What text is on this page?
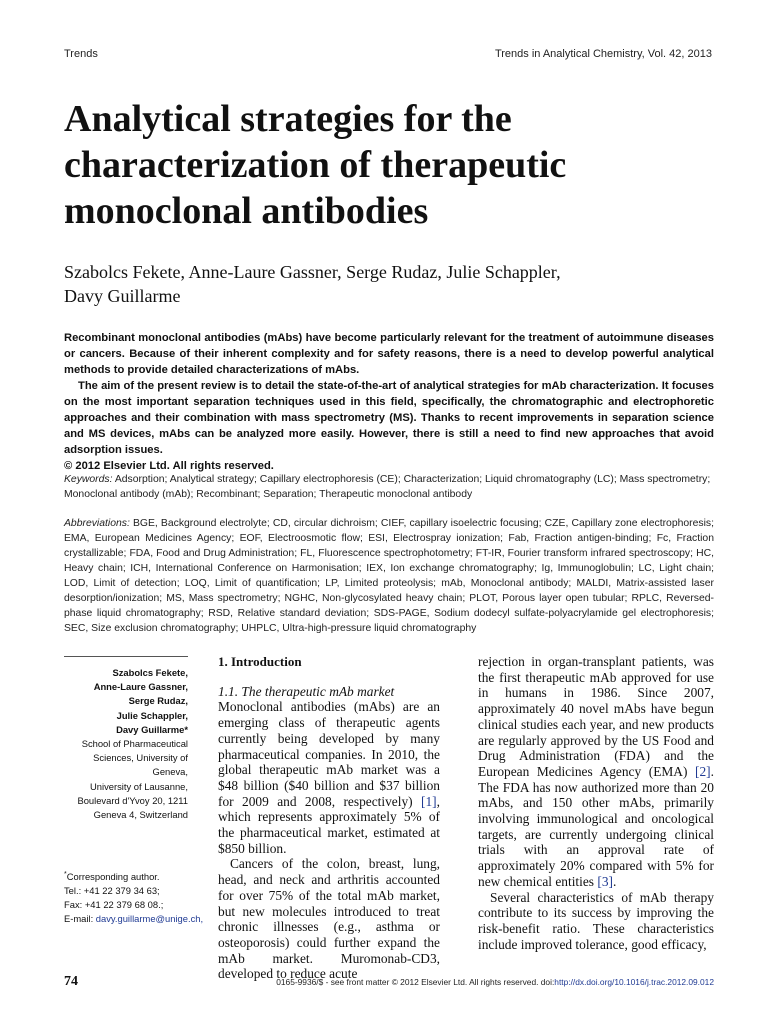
Trends	Trends in Analytical Chemistry, Vol. 42, 2013
Analytical strategies for the characterization of therapeutic monoclonal antibodies
Szabolcs Fekete, Anne-Laure Gassner, Serge Rudaz, Julie Schappler,
Davy Guillarme

Recombinant monoclonal antibodies (mAbs) have become particularly relevant for the treatment of autoimmune diseases or cancers. Because of their inherent complexity and for safety reasons, there is a need to develop powerful analytical methods to provide detailed characterizations of mAbs.

The aim of the present review is to detail the state-of-the-art of analytical strategies for mAb characterization. It focuses on the most important separation techniques used in this field, specifically, the chromatographic and electrophoretic approaches and their combination with mass spectrometry (MS). Thanks to recent improvements in separation science and MS devices, mAbs can be analyzed more easily. However, there is still a need to find new approaches that avoid adsorption issues.

© 2012 Elsevier Ltd. All rights reserved.

Keywords: Adsorption; Analytical strategy; Capillary electrophoresis (CE); Characterization; Liquid chromatography (LC); Mass spectrometry; Monoclonal antibody (mAb); Recombinant; Separation; Therapeutic monoclonal antibody
Abbreviations: BGE, Background electrolyte; CD, circular dichroism; CIEF, capillary isoelectric focusing; CZE, Capillary zone electrophoresis; EMA, European Medicines Agency; EOF, Electroosmotic flow; ESI, Electrospray ionization; Fab, Fraction antigen-binding; Fc, Fraction crystallizable; FDA, Food and Drug Administration; FL, Fluorescence spectrophotometry; FT-IR, Fourier transform infrared spectroscopy; HC, Heavy chain; ICH, International Conference on Harmonisation; IEX, Ion exchange chromatography; Ig, Immunoglobulin; LC, Light chain; LOD, Limit of detection; LOQ, Limit of quantification; LP, Limited proteolysis; mAb, Monoclonal antibody; MALDI, Matrix-assisted laser desorption/ionization; MS, Mass spectrometry; NGHC, Non-glycosylated heavy chain; PLOT, Porous layer open tubular; RPLC, Reversed-phase liquid chromatography; RSD, Relative standard deviation; SDS-PAGE, Sodium dodecyl sulfate-polyacrylamide gel electrophoresis; SEC, Size exclusion chromatography; UHPLC, Ultra-high-pressure liquid chromatography
Szabolcs Fekete,
Anne-Laure Gassner,
Serge Rudaz,
Julie Schappler,
Davy Guillarme*
School of Pharmaceutical
Sciences, University of Geneva,
University of Lausanne,
Boulevard d'Yvoy 20, 1211
Geneva 4, Switzerland
*Corresponding author.
Tel.: +41 22 379 34 63;
Fax: +41 22 379 68 08.;
E-mail: davy.guillarme@unige.ch,
1. Introduction

1.1. The therapeutic mAb market

Monoclonal antibodies (mAbs) are an emerging class of therapeutic agents currently being developed by many pharmaceutical companies. In 2010, the global therapeutic mAb market was a $48 billion ($40 billion and $37 billion for 2009 and 2008, respectively) [1], which represents approximately 5% of the pharmaceutical market, estimated at $850 billion.

Cancers of the colon, breast, lung, head, and neck and arthritis accounted for over 75% of the total mAb market, but new molecules introduced to treat chronic illnesses (e.g., asthma or osteoporosis) could further expand the mAb market. Muromonab-CD3, developed to reduce acute

rejection in organ-transplant patients, was the first therapeutic mAb approved for use in humans in 1986. Since 2007, approximately 40 novel mAbs have begun clinical studies each year, and new products are regularly approved by the US Food and Drug Administration (FDA) and the European Medicines Agency (EMA) [2]. The FDA has now authorized more than 20 mAbs, and 150 other mAbs, primarily involving immunological and oncological targets, are currently undergoing clinical trials with an approval rate of approximately 20% compared with 5% for new chemical entities [3].

Several characteristics of mAb therapy contribute to its success by improving the risk-benefit ratio. These characteristics include improved tolerance, good efficacy,

74	0165-9936/$ - see front matter © 2012 Elsevier Ltd. All rights reserved. doi:http://dx.doi.org/10.1016/j.trac.2012.09.012
